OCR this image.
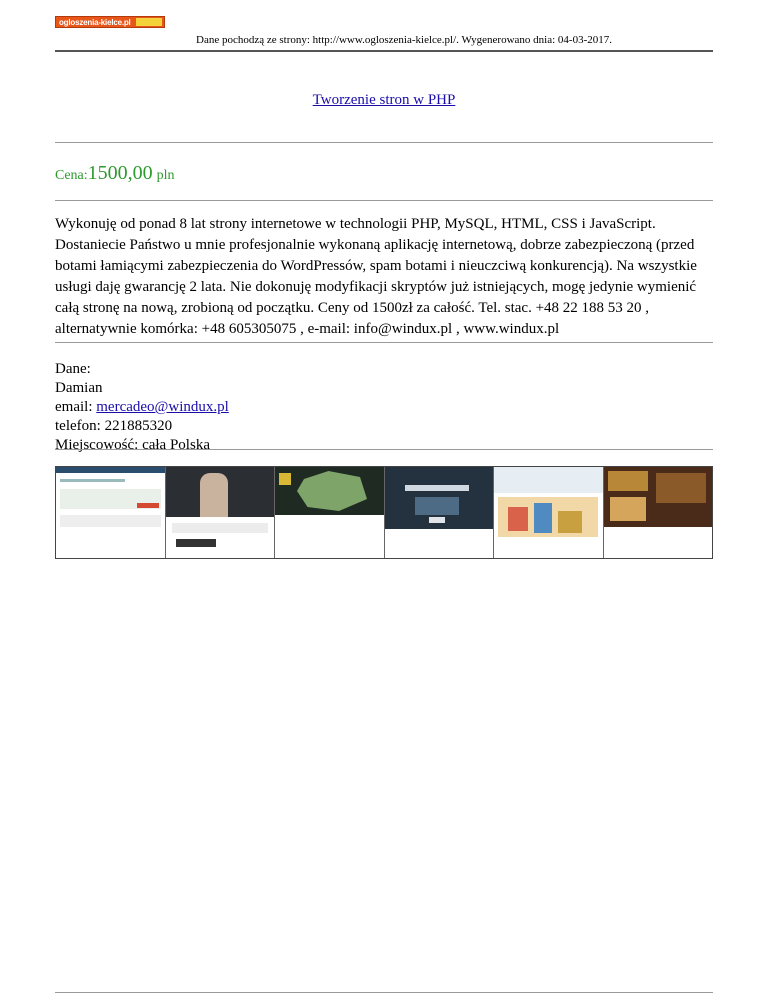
ogloszenia-kielce.pl
Dane pochodzą ze strony: http://www.ogloszenia-kielce.pl/. Wygenerowano dnia: 04-03-2017.
Tworzenie stron w PHP
Cena:1500,00 pln
Wykonuję od ponad 8 lat strony internetowe w technologii PHP, MySQL, HTML, CSS i JavaScript. Dostaniecie Państwo u mnie profesjonalnie wykonaną aplikację internetową, dobrze zabezpieczoną (przed botami łamiącymi zabezpieczenia do WordPressów, spam botami i nieuczciwą konkurencją). Na wszystkie usługi daję gwarancję 2 lata. Nie dokonuję modyfikacji skryptów już istniejących, mogę jedynie wymienić całą stronę na nową, zrobioną od początku. Ceny od 1500zł za całość. Tel. stac. +48 22 188 53 20 , alternatywnie komórka: +48 605305075 , e-mail: info@windux.pl , www.windux.pl
Dane:
Damian
email: mercadeo@windux.pl
telefon: 221885320
Miejscowość: cała Polska
